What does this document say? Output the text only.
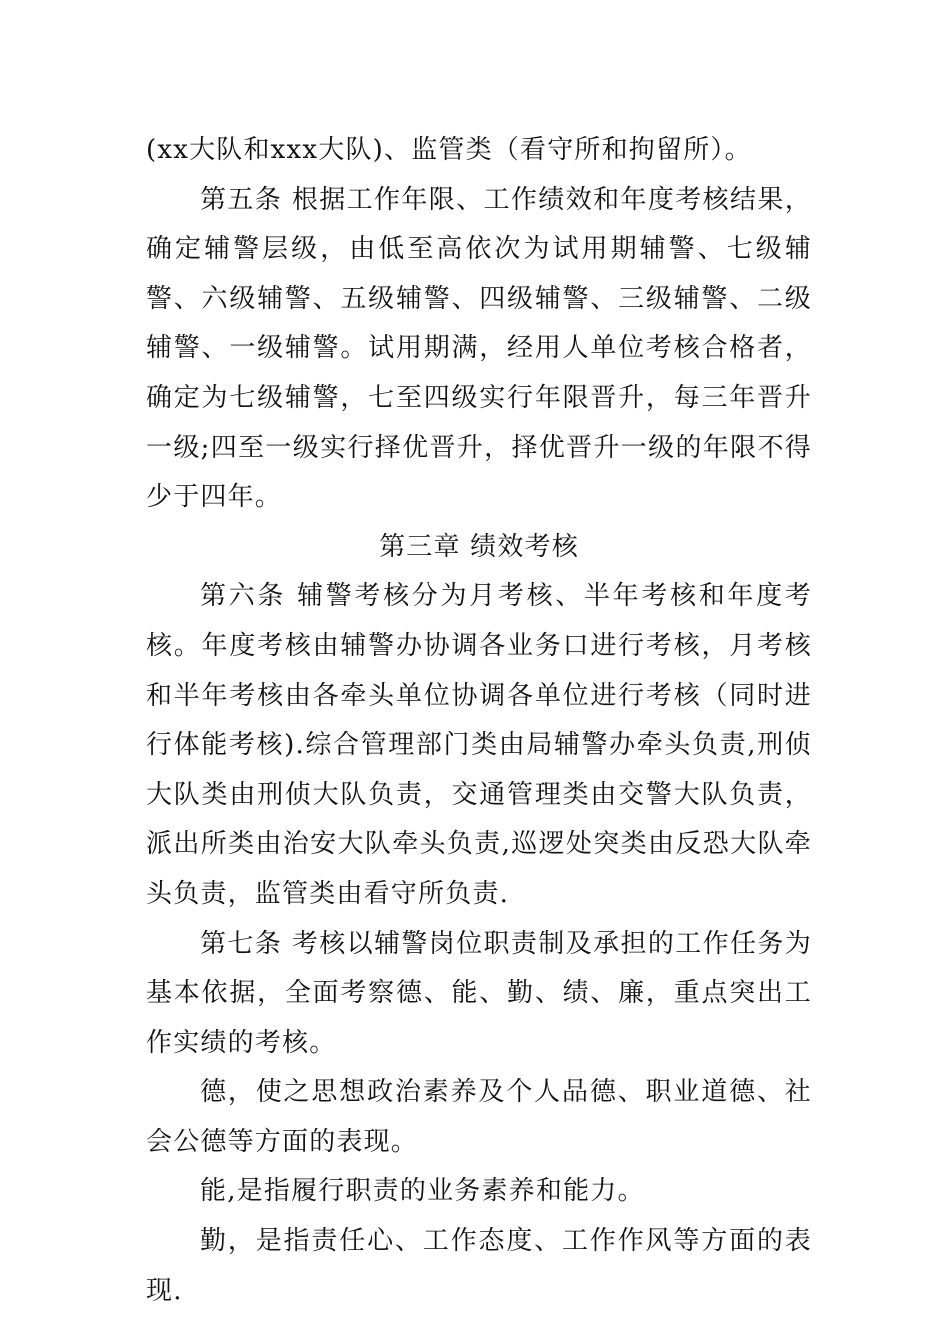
(xx大队和xxx大队)、监管类（看守所和拘留所）。

第五条 根据工作年限、工作绩效和年度考核结果，确定辅警层级，由低至高依次为试用期辅警、七级辅警、六级辅警、五级辅警、四级辅警、三级辅警、二级辅警、一级辅警。试用期满，经用人单位考核合格者，确定为七级辅警，七至四级实行年限晋升，每三年晋升一级;四至一级实行择优晋升，择优晋升一级的年限不得少于四年。

第三章 绩效考核

第六条 辅警考核分为月考核、半年考核和年度考核。年度考核由辅警办协调各业务口进行考核，月考核和半年考核由各牵头单位协调各单位进行考核（同时进行体能考核).综合管理部门类由局辅警办牵头负责,刑侦大队类由刑侦大队负责，交通管理类由交警大队负责，派出所类由治安大队牵头负责,巡逻处突类由反恐大队牵头负责，监管类由看守所负责.

第七条 考核以辅警岗位职责制及承担的工作任务为基本依据，全面考察德、能、勤、绩、廉，重点突出工作实绩的考核。

德，使之思想政治素养及个人品德、职业道德、社会公德等方面的表现。

能,是指履行职责的业务素养和能力。

勤，是指责任心、工作态度、工作作风等方面的表现.
